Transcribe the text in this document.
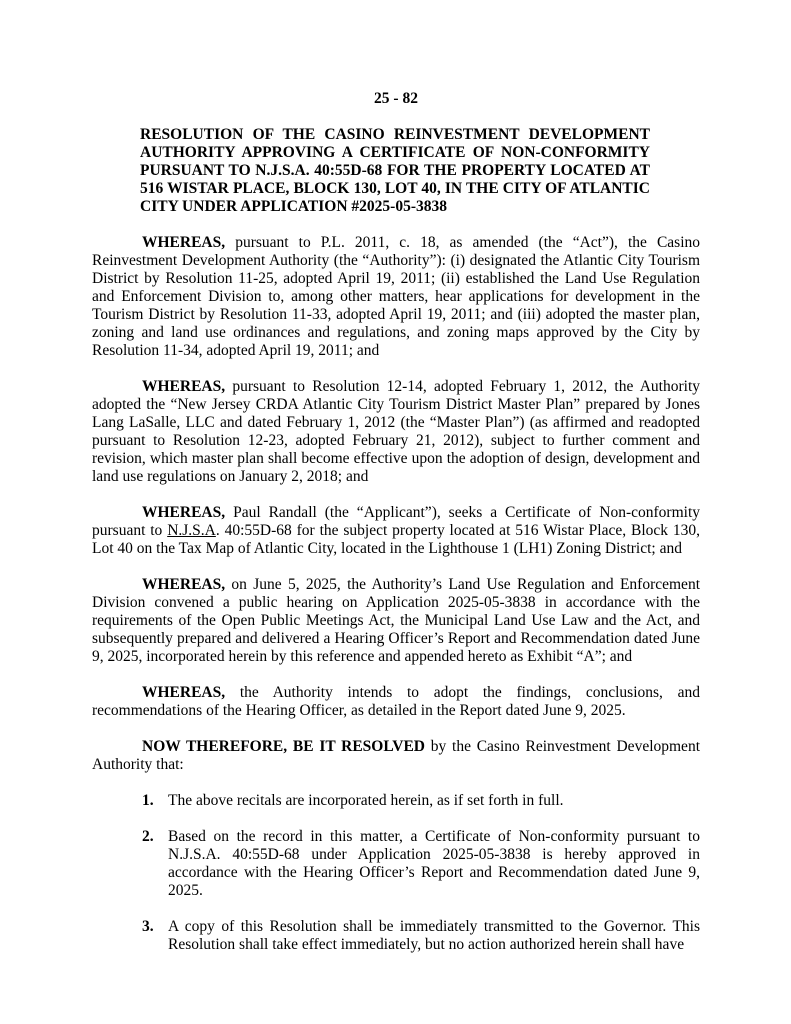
25 - 82
RESOLUTION OF THE CASINO REINVESTMENT DEVELOPMENT AUTHORITY APPROVING A CERTIFICATE OF NON-CONFORMITY PURSUANT TO N.J.S.A. 40:55D-68 FOR THE PROPERTY LOCATED AT 516 WISTAR PLACE, BLOCK 130, LOT 40, IN THE CITY OF ATLANTIC CITY UNDER APPLICATION #2025-05-3838

WHEREAS, pursuant to P.L. 2011, c. 18, as amended (the “Act”), the Casino Reinvestment Development Authority (the “Authority”): (i) designated the Atlantic City Tourism District by Resolution 11-25, adopted April 19, 2011; (ii) established the Land Use Regulation and Enforcement Division to, among other matters, hear applications for development in the Tourism District by Resolution 11-33, adopted April 19, 2011; and (iii) adopted the master plan, zoning and land use ordinances and regulations, and zoning maps approved by the City by Resolution 11-34, adopted April 19, 2011; and

WHEREAS, pursuant to Resolution 12-14, adopted February 1, 2012, the Authority adopted the “New Jersey CRDA Atlantic City Tourism District Master Plan” prepared by Jones Lang LaSalle, LLC and dated February 1, 2012 (the “Master Plan”) (as affirmed and readopted pursuant to Resolution 12-23, adopted February 21, 2012), subject to further comment and revision, which master plan shall become effective upon the adoption of design, development and land use regulations on January 2, 2018; and

WHEREAS, Paul Randall (the “Applicant”), seeks a Certificate of Non-conformity pursuant to N.J.S.A. 40:55D-68 for the subject property located at 516 Wistar Place, Block 130, Lot 40 on the Tax Map of Atlantic City, located in the Lighthouse 1 (LH1) Zoning District; and

WHEREAS, on June 5, 2025, the Authority’s Land Use Regulation and Enforcement Division convened a public hearing on Application 2025-05-3838 in accordance with the requirements of the Open Public Meetings Act, the Municipal Land Use Law and the Act, and subsequently prepared and delivered a Hearing Officer’s Report and Recommendation dated June 9, 2025, incorporated herein by this reference and appended hereto as Exhibit “A”; and

WHEREAS, the Authority intends to adopt the findings, conclusions, and recommendations of the Hearing Officer, as detailed in the Report dated June 9, 2025.

NOW THEREFORE, BE IT RESOLVED by the Casino Reinvestment Development Authority that:

1. The above recitals are incorporated herein, as if set forth in full.
2. Based on the record in this matter, a Certificate of Non-conformity pursuant to N.J.S.A. 40:55D-68 under Application 2025-05-3838 is hereby approved in accordance with the Hearing Officer’s Report and Recommendation dated June 9, 2025.
3. A copy of this Resolution shall be immediately transmitted to the Governor. This Resolution shall take effect immediately, but no action authorized herein shall have
